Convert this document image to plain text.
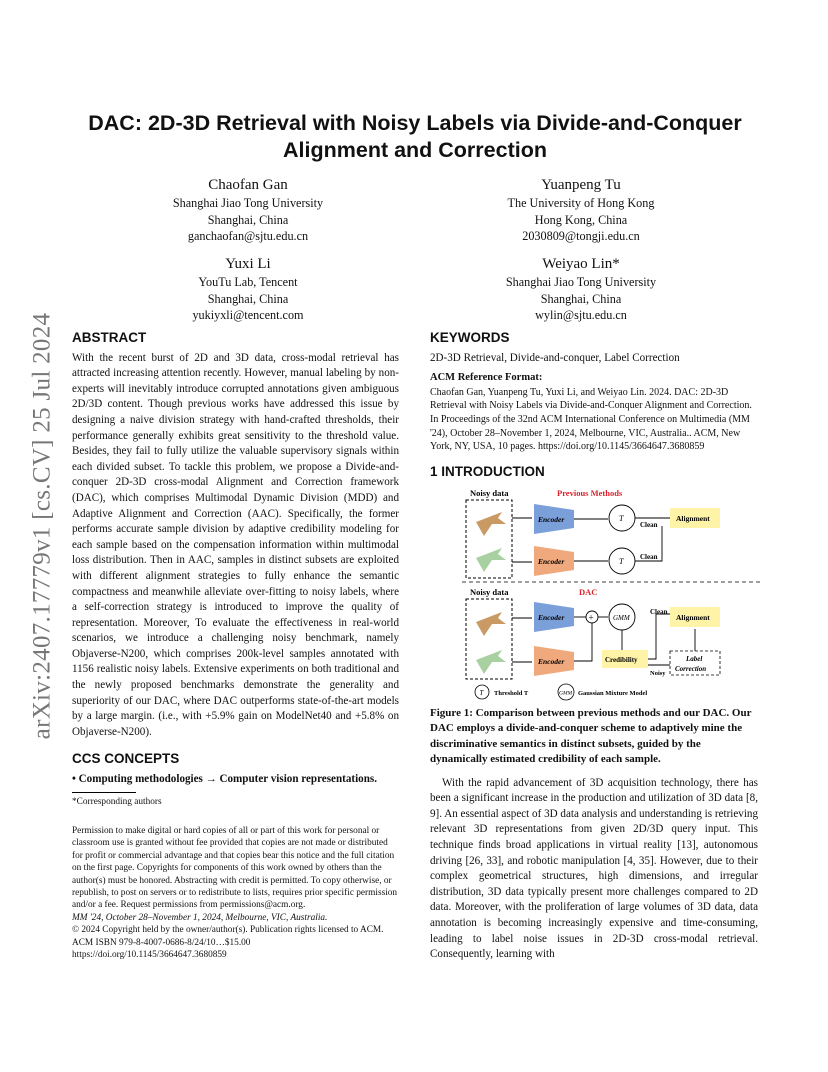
arXiv:2407.17779v1 [cs.CV] 25 Jul 2024
DAC: 2D-3D Retrieval with Noisy Labels via Divide-and-Conquer
Alignment and Correction
Chaofan Gan
Shanghai Jiao Tong University
Shanghai, China
ganchaofan@sjtu.edu.cn
Yuanpeng Tu
The University of Hong Kong
Hong Kong, China
2030809@tongji.edu.cn
Yuxi Li
YouTu Lab, Tencent
Shanghai, China
yukiyxli@tencent.com
Weiyao Lin*
Shanghai Jiao Tong University
Shanghai, China
wylin@sjtu.edu.cn
ABSTRACT

With the recent burst of 2D and 3D data, cross-modal retrieval has attracted increasing attention recently. However, manual labeling by non-experts will inevitably introduce corrupted annotations given ambiguous 2D/3D content. Though previous works have addressed this issue by designing a naive division strategy with hand-crafted thresholds, their performance generally exhibits great sensitivity to the threshold value. Besides, they fail to fully utilize the valuable supervisory signals within each divided subset. To tackle this problem, we propose a Divide-and-conquer 2D-3D cross-modal Alignment and Correction framework (DAC), which comprises Multimodal Dynamic Division (MDD) and Adaptive Alignment and Correction (AAC). Specifically, the former performs accurate sample division by adaptive credibility modeling for each sample based on the compensation information within multimodal loss distribution. Then in AAC, samples in distinct subsets are exploited with different alignment strategies to fully enhance the semantic compactness and meanwhile alleviate over-fitting to noisy labels, where a self-correction strategy is introduced to improve the quality of representation. Moreover, To evaluate the effectiveness in real-world scenarios, we introduce a challenging noisy benchmark, namely Objaverse-N200, which comprises 200k-level samples annotated with 1156 realistic noisy labels. Extensive experiments on both traditional and the newly proposed benchmarks demonstrate the generality and superiority of our DAC, where DAC outperforms state-of-the-art models by a large margin. (i.e., with +5.9% gain on ModelNet40 and +5.8% on Objaverse-N200).

CCS CONCEPTS

• Computing methodologies → Computer vision representations.

*Corresponding authors

Permission to make digital or hard copies of all or part of this work for personal or classroom use is granted without fee provided that copies are not made or distributed for profit or commercial advantage and that copies bear this notice and the full citation on the first page. Copyrights for components of this work owned by others than the author(s) must be honored. Abstracting with credit is permitted. To copy otherwise, or republish, to post on servers or to redistribute to lists, requires prior specific permission and/or a fee. Request permissions from permissions@acm.org.

MM '24, October 28–November 1, 2024, Melbourne, VIC, Australia.

© 2024 Copyright held by the owner/author(s). Publication rights licensed to ACM.

ACM ISBN 979-8-4007-0686-8/24/10…$15.00

https://doi.org/10.1145/3664647.3680859

KEYWORDS

2D-3D Retrieval, Divide-and-conquer, Label Correction

ACM Reference Format:

Chaofan Gan, Yuanpeng Tu, Yuxi Li, and Weiyao Lin. 2024. DAC: 2D-3D Retrieval with Noisy Labels via Divide-and-Conquer Alignment and Correction. In Proceedings of the 32nd ACM International Conference on Multimedia (MM '24), October 28–November 1, 2024, Melbourne, VIC, Australia.. ACM, New York, NY, USA, 10 pages. https://doi.org/10.1145/3664647.3680859

1 INTRODUCTION
Noisy data	Previous Methods
Encoder
Encoder
T
T
Clean
Clean
Alignment
Noisy data	DAC
Encoder
Encoder
+	GMM
Credibility
Clean
Noisy
Alignment
Label
Correction
T Threshold T	GMM Gaussian Mixture Model

Figure 1: Comparison between previous methods and our DAC. Our DAC employs a divide-and-conquer scheme to adaptively mine the discriminative semantics in distinct subsets, guided by the dynamically estimated credibility of each sample.

With the rapid advancement of 3D acquisition technology, there has been a significant increase in the production and utilization of 3D data [8, 9]. An essential aspect of 3D data analysis and understanding is retrieving relevant 3D representations from given 2D/3D query input. This technique finds broad applications in virtual reality [13], autonomous driving [26, 33], and robotic manipulation [4, 35]. However, due to their complex geometrical structures, high dimensions, and irregular distribution, 3D data typically present more challenges compared to 2D data. Moreover, with the proliferation of large volumes of 3D data, data annotation is becoming increasingly expensive and time-consuming, leading to label noise issues in 2D-3D cross-modal retrieval. Consequently, learning with
